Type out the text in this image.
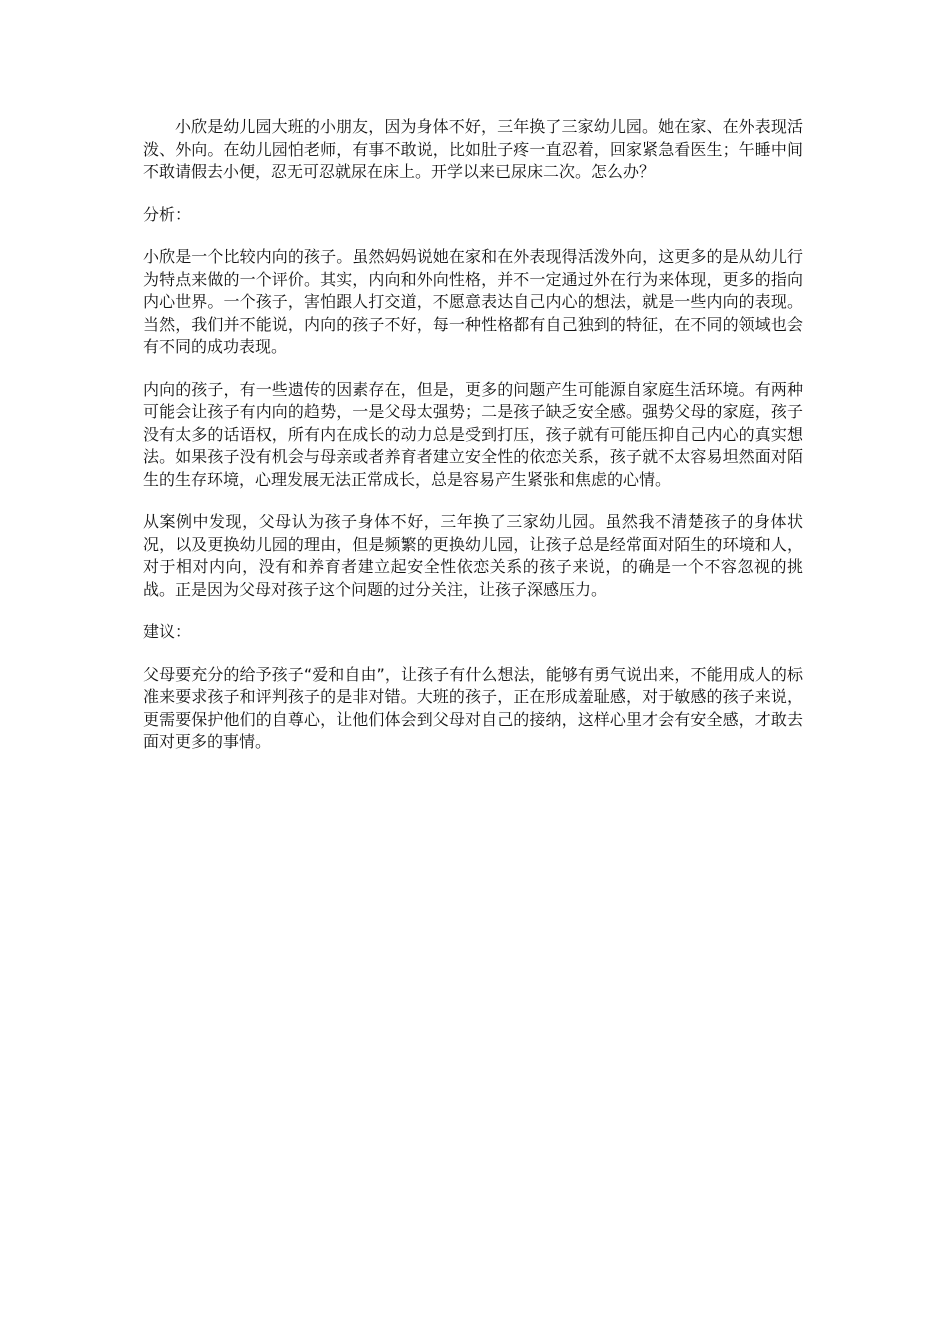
小欣是幼儿园大班的小朋友，因为身体不好，三年换了三家幼儿园。她在家、在外表现活泼、外向。在幼儿园怕老师，有事不敢说，比如肚子疼一直忍着，回家紧急看医生；午睡中间不敢请假去小便，忍无可忍就尿在床上。开学以来已尿床二次。怎么办？

分析：

小欣是一个比较内向的孩子。虽然妈妈说她在家和在外表现得活泼外向，这更多的是从幼儿行为特点来做的一个评价。其实，内向和外向性格，并不一定通过外在行为来体现，更多的指向内心世界。一个孩子，害怕跟人打交道，不愿意表达自己内心的想法，就是一些内向的表现。当然，我们并不能说，内向的孩子不好，每一种性格都有自己独到的特征，在不同的领域也会有不同的成功表现。

内向的孩子，有一些遗传的因素存在，但是，更多的问题产生可能源自家庭生活环境。有两种可能会让孩子有内向的趋势，一是父母太强势；二是孩子缺乏安全感。强势父母的家庭，孩子没有太多的话语权，所有内在成长的动力总是受到打压，孩子就有可能压抑自己内心的真实想法。如果孩子没有机会与母亲或者养育者建立安全性的依恋关系，孩子就不太容易坦然面对陌生的生存环境，心理发展无法正常成长，总是容易产生紧张和焦虑的心情。

从案例中发现，父母认为孩子身体不好，三年换了三家幼儿园。虽然我不清楚孩子的身体状况，以及更换幼儿园的理由，但是频繁的更换幼儿园，让孩子总是经常面对陌生的环境和人，对于相对内向，没有和养育者建立起安全性依恋关系的孩子来说，的确是一个不容忽视的挑战。正是因为父母对孩子这个问题的过分关注，让孩子深感压力。

建议：

父母要充分的给予孩子“爱和自由”，让孩子有什么想法，能够有勇气说出来，不能用成人的标准来要求孩子和评判孩子的是非对错。大班的孩子，正在形成羞耻感，对于敏感的孩子来说，更需要保护他们的自尊心，让他们体会到父母对自己的接纳，这样心里才会有安全感，才敢去面对更多的事情。
